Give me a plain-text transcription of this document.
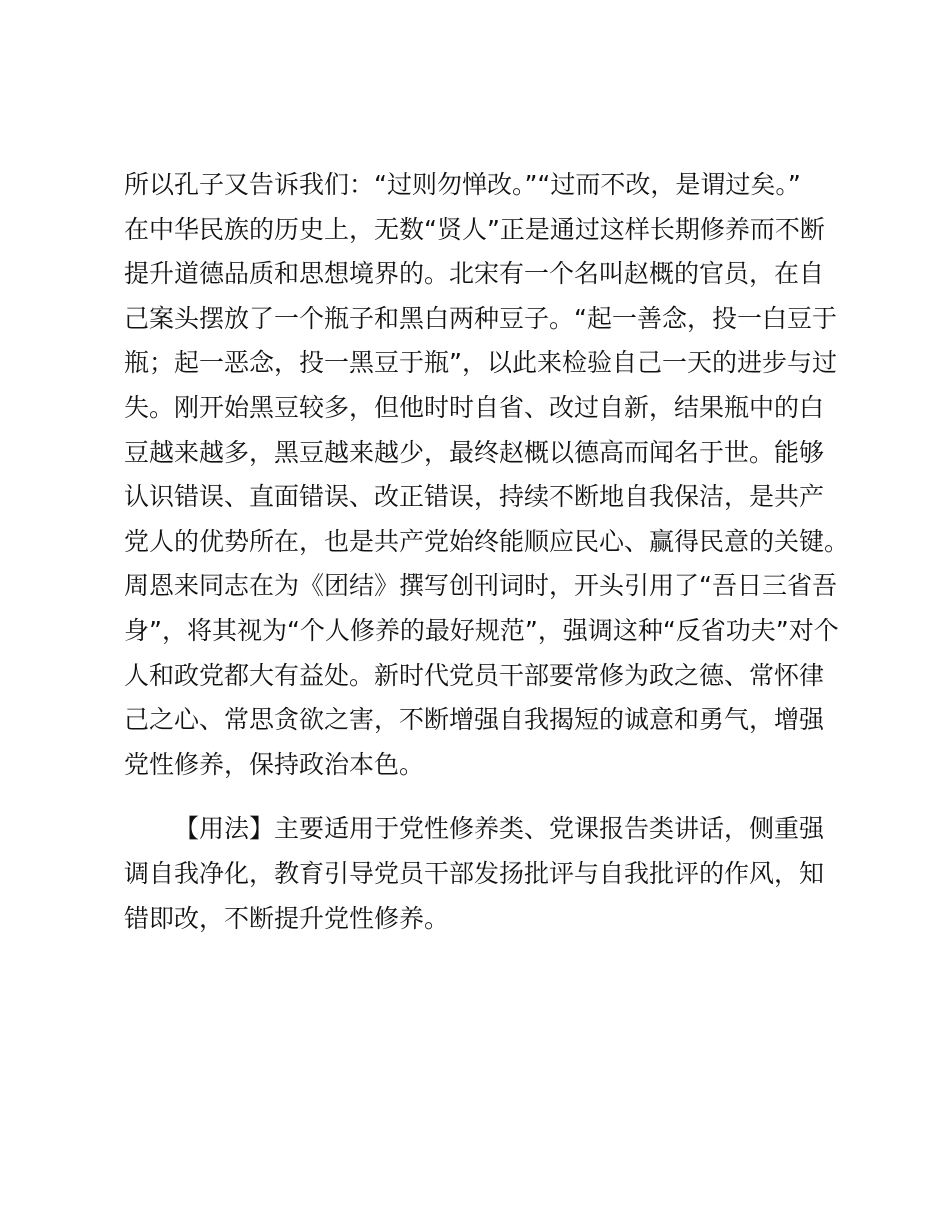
所以孔子又告诉我们：“过则勿惮改。”“过而不改，是谓过矣。”
在中华民族的历史上，无数“贤人”正是通过这样长期修养而不断
提升道德品质和思想境界的。北宋有一个名叫赵概的官员，在自
己案头摆放了一个瓶子和黑白两种豆子。“起一善念，投一白豆于
瓶；起一恶念，投一黑豆于瓶”，以此来检验自己一天的进步与过
失。刚开始黑豆较多，但他时时自省、改过自新，结果瓶中的白
豆越来越多，黑豆越来越少，最终赵概以德高而闻名于世。能够
认识错误、直面错误、改正错误，持续不断地自我保洁，是共产
党人的优势所在，也是共产党始终能顺应民心、赢得民意的关键。
周恩来同志在为《团结》撰写创刊词时，开头引用了“吾日三省吾
身”，将其视为“个人修养的最好规范”，强调这种“反省功夫”对个
人和政党都大有益处。新时代党员干部要常修为政之德、常怀律
己之心、常思贪欲之害，不断增强自我揭短的诚意和勇气，增强
党性修养，保持政治本色。
【用法】主要适用于党性修养类、党课报告类讲话，侧重强
调自我净化，教育引导党员干部发扬批评与自我批评的作风，知
错即改，不断提升党性修养。
